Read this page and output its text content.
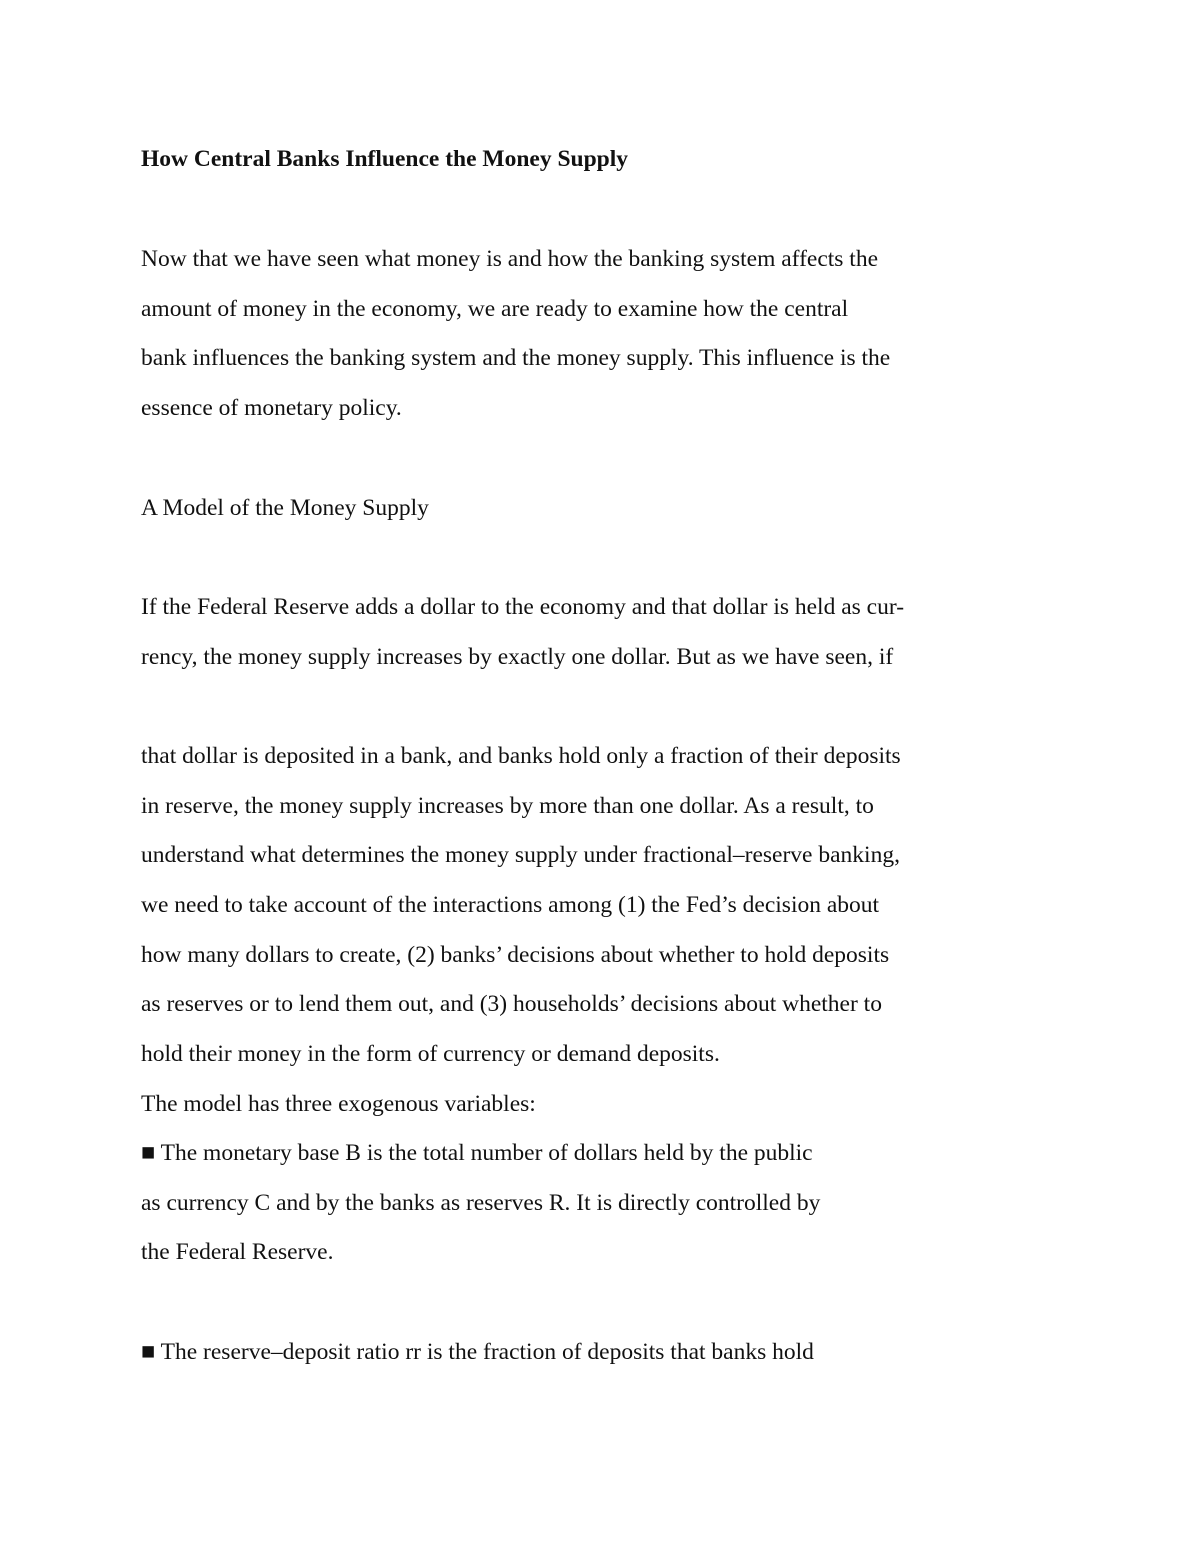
How Central Banks Influence the Money Supply
Now that we have seen what money is and how the banking system affects the
amount of money in the economy, we are ready to examine how the central
bank influences the banking system and the money supply. This influence is the
essence of monetary policy.
A Model of the Money Supply
If the Federal Reserve adds a dollar to the economy and that dollar is held as cur-
rency, the money supply increases by exactly one dollar. But as we have seen, if
that dollar is deposited in a bank, and banks hold only a fraction of their deposits
in reserve, the money supply increases by more than one dollar. As a result, to
understand what determines the money supply under fractional–reserve banking,
we need to take account of the interactions among (1) the Fed’s decision about
how many dollars to create, (2) banks’ decisions about whether to hold deposits
as reserves or to lend them out, and (3) households’ decisions about whether to
hold their money in the form of currency or demand deposits.
The model has three exogenous variables:
■ The monetary base B is the total number of dollars held by the public
as currency C and by the banks as reserves R. It is directly controlled by
the Federal Reserve.
■ The reserve–deposit ratio rr is the fraction of deposits that banks hold
